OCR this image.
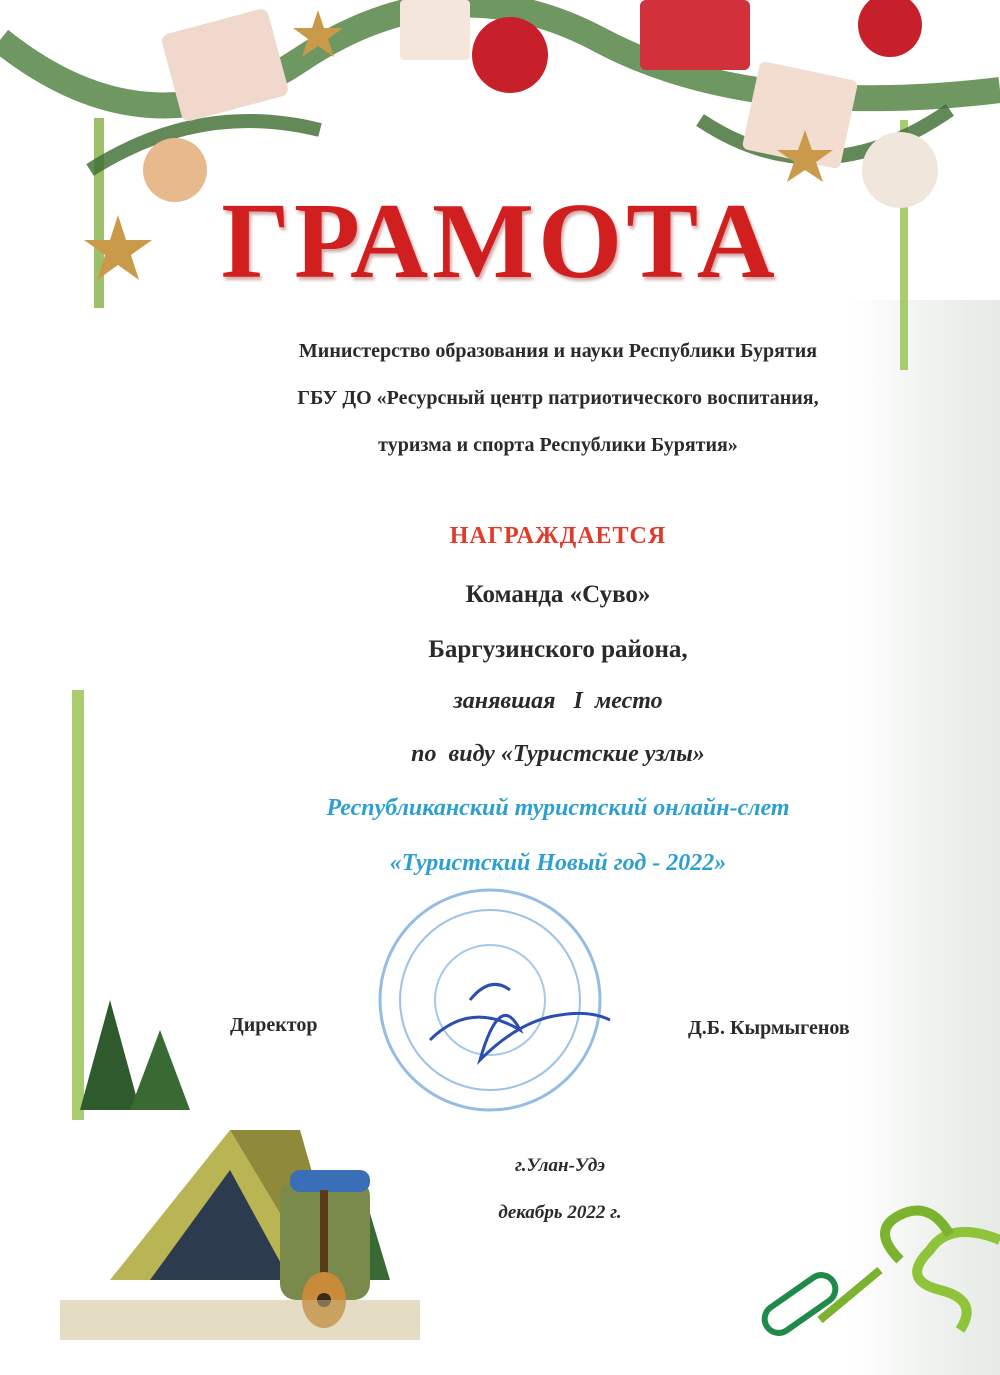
ГРАМОТА
Министерство образования и науки Республики Бурятия
ГБУ ДО «Ресурсный центр патриотического воспитания,
туризма и спорта Республики Бурятия»
НАГРАЖДАЕТСЯ
Команда «Суво»
Баргузинского района,
занявшая   I  место
по  виду «Туристские узлы»
Республиканский туристский онлайн-слет
«Туристский Новый год - 2022»
Директор	Д.Б. Кырмыгенов
г.Улан-Удэ
декабрь 2022 г.
